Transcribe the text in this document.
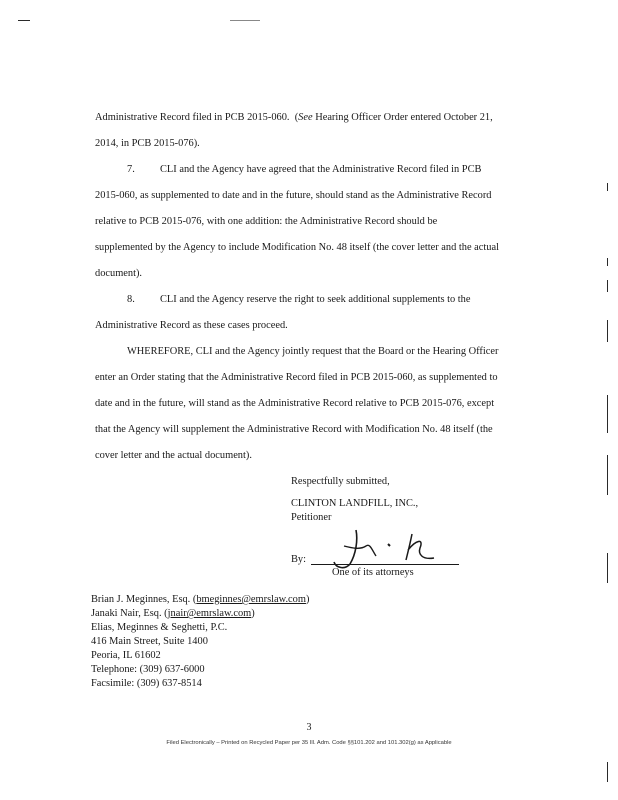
Administrative Record filed in PCB 2015-060.  (See Hearing Officer Order entered October 21,
2014, in PCB 2015-076).
7. CLI and the Agency have agreed that the Administrative Record filed in PCB
2015-060, as supplemented to date and in the future, should stand as the Administrative Record
relative to PCB 2015-076, with one addition: the Administrative Record should be
supplemented by the Agency to include Modification No. 48 itself (the cover letter and the actual
document).
8. CLI and the Agency reserve the right to seek additional supplements to the
Administrative Record as these cases proceed.
WHEREFORE, CLI and the Agency jointly request that the Board or the Hearing Officer
enter an Order stating that the Administrative Record filed in PCB 2015-060, as supplemented to
date and in the future, will stand as the Administrative Record relative to PCB 2015-076, except
that the Agency will supplement the Administrative Record with Modification No. 48 itself (the
cover letter and the actual document).
Respectfully submitted,
CLINTON LANDFILL, INC.,
Petitioner
By:
One of its attorneys
Brian J. Meginnes, Esq. (bmeginnes@emrslaw.com)
Janaki Nair, Esq. (jnair@emrslaw.com)
Elias, Meginnes & Seghetti, P.C.
416 Main Street, Suite 1400
Peoria, IL 61602
Telephone: (309) 637-6000
Facsimile: (309) 637-8514
3
Filed Electronically – Printed on Recycled Paper per 35 Ill. Adm. Code §§101.202 and 101.302(g) as Applicable
